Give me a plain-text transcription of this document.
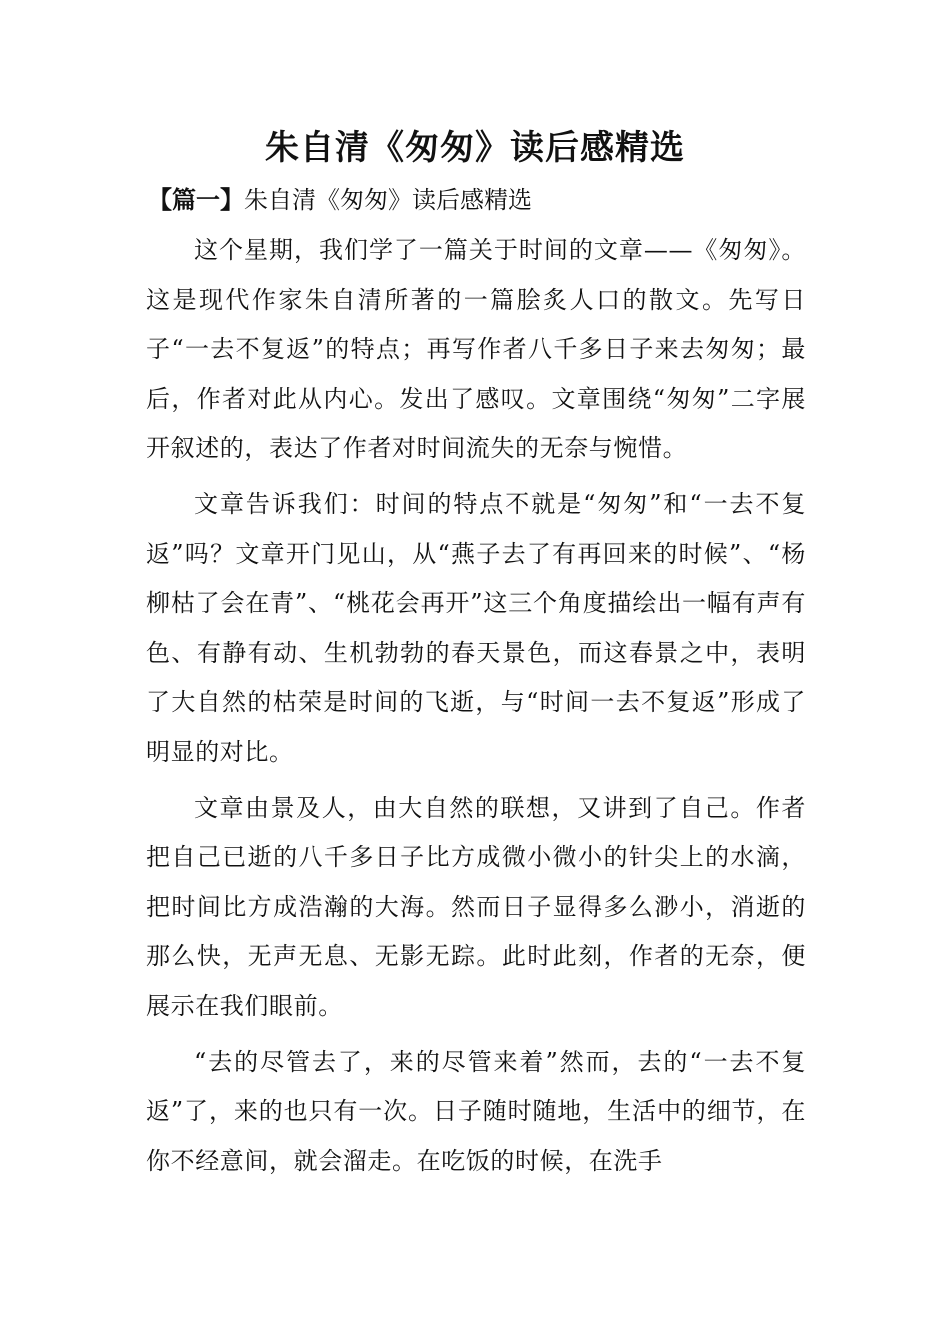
朱自清《匆匆》读后感精选

【篇一】朱自清《匆匆》读后感精选

这个星期，我们学了一篇关于时间的文章——《匆匆》。这是现代作家朱自清所著的一篇脍炙人口的散文。先写日子“一去不复返”的特点；再写作者八千多日子来去匆匆；最后，作者对此从内心。发出了感叹。文章围绕“匆匆”二字展开叙述的，表达了作者对时间流失的无奈与惋惜。

文章告诉我们：时间的特点不就是“匆匆”和“一去不复返”吗？文章开门见山，从“燕子去了有再回来的时候”、“杨柳枯了会在青”、“桃花会再开”这三个角度描绘出一幅有声有色、有静有动、生机勃勃的春天景色，而这春景之中，表明了大自然的枯荣是时间的飞逝，与“时间一去不复返”形成了明显的对比。

文章由景及人，由大自然的联想，又讲到了自己。作者把自己已逝的八千多日子比方成微小微小的针尖上的水滴，把时间比方成浩瀚的大海。然而日子显得多么渺小，消逝的那么快，无声无息、无影无踪。此时此刻，作者的无奈，便展示在我们眼前。

“去的尽管去了，来的尽管来着”然而，去的“一去不复返”了，来的也只有一次。日子随时随地，生活中的细节，在你不经意间，就会溜走。在吃饭的时候，在洗手
